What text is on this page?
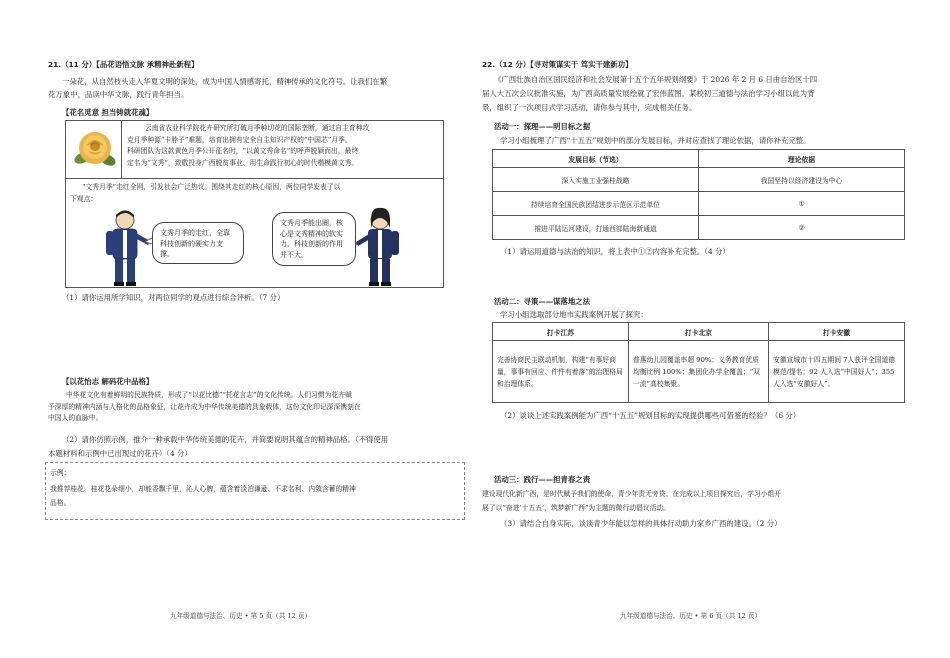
21.（11 分）【品花语悟文脉 承精神赴新程】
一朵花，从自然枝头走入华夏文明的深处，成为中国人情感寄托、精神传承的文化符号。让我们在繁
花万象中，品读中华文脉，践行青年担当。
【花名觅意 担当铸就花魂】
云南省农业科学院花卉研究所打破月季种切花的国际垄断，通过自主育种攻
克月季种源“卡脖子”难题，培育出拥有完全自主知识产权的“中国芯”月季。
科研团队为这款黄色月季公开征名时，“以黄文秀命名”的呼声脱颖而出，最终
定名为“文秀”，致敬投身广西脱贫事业、用生命践行初心的时代楷模黄文秀。
“文秀月季”走红全网，引发社会广泛热议。围绕其走红的核心原因，两位同学发表了以
下观点：
文秀月季的走红，全靠科技创新的硬实力支撑。
文秀月季能出圈，核心是文秀精神的软实力，科技创新的作用并不大。
（1）请你运用所学知识，对两位同学的观点进行综合评析。（7 分）
【以花怡志 解码花中品格】
中华花文化有着鲜明的民族特质，形成了“以花比德”“托花言志”的文化传统。人们习惯为花卉赋
予深厚的精神内涵与人格化的品格象征，让花卉成为中华传统美德的具象载体，这份文化印记深深镌刻在
中国人的血脉中。
（2）请你仿照示例，推介一种承载中华传统美德的花卉，并简要说明其蕴含的精神品格。（不得使用
本题材料和示例中已出现过的花卉）（4 分）
示例：
我推荐桂花。桂花花朵细小，却能香飘千里，沁人心脾，蕴含着淡泊谦逊、不求名利、内敛含蓄的精神
品格。
九年级道德与法治、历史 • 第 5 页（共 12 页）
22.（12 分）【寻对策谋实干 笃实干建新功】
《广西壮族自治区国民经济和社会发展第十五个五年规划纲要》于 2026 年 2 月 6 日由自治区十四
届人大五次会议批准实施，为广西高质量发展绘就了宏伟蓝图。某校初三道德与法治学习小组以此为背
景，组织了一次项目式学习活动，请你参与其中，完成相关任务。
活动一：探理——明目标之据
学习小组梳理了广西“十五五”规划中的部分发展目标，并对应查找了理论依据，请你补充完整。
发展目标（节选）	理论依据
深入实施工业强桂战略	我国坚持以经济建设为中心
持续培育全国民族团结进步示范区示范单位	①
推进平陆运河建设，打通西部陆海新通道	②
（1）请运用道德与法治的知识，将上表中①②内容补充完整。（4 分）
活动二：寻策——谋落地之法
学习小组选取部分地市实践案例开展了探究：
打卡江苏	打卡北京	打卡安徽
完善协商民主联动机制，构建“有事好商量，事事有回应、件件有着落”的治理格局和治理体系。	普惠幼儿园覆盖率超 90%；义务教育优质均衡比例 100%；集团化办学全覆盖；“双一流”高校集聚。	安徽宣城市十四五期间 7人获评全国道德模范/提名；92 人入选“中国好人”；355 人入选“安徽好人”。
（2）谈谈上述实践案例能为广西“十五五”规划目标的实现提供哪些可借鉴的经验？（6 分）
活动三：践行——担青春之责
建设现代化新广西，是时代赋予我们的使命，青少年责无旁贷。在完成以上项目探究后，学习小组开
展了以“奋进‘十五五’，筑梦新广西”为主题的微行动倡议活动。
（3）请结合自身实际，谈谈青少年能以怎样的具体行动助力家乡广西的建设。（2 分）
九年级道德与法治、历史 • 第 6 页（共 12 页）
